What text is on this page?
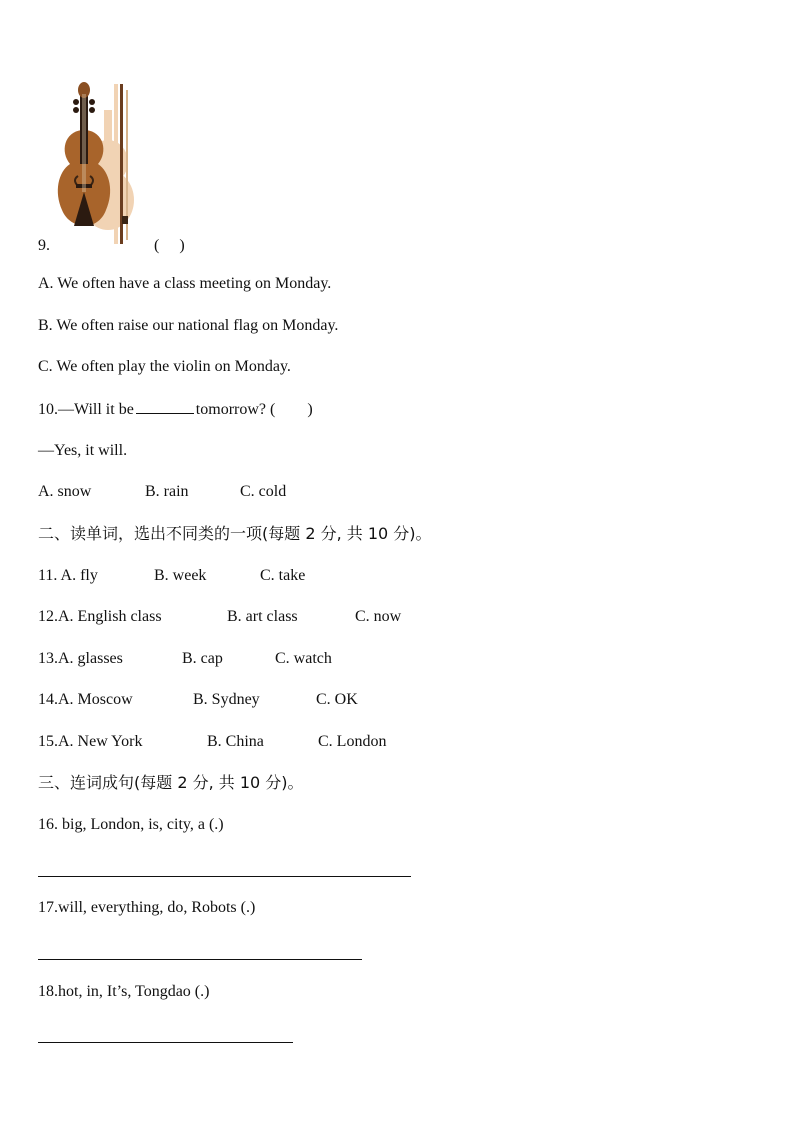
9.	(　 )
A. We often have a class meeting on Monday.
B. We often raise our national flag on Monday.
C. We often play the violin on Monday.
10.—Will it be	tomorrow? (　　)
—Yes, it will.
A. snow	B. rain	C. cold
二、读单词，选出不同类的一项(每题 2 分, 共 10 分)。
11. A. fly	B. week	C. take
12.A. English class	B. art class	C. now
13.A. glasses	B. cap	C. watch
14.A. Moscow	B. Sydney	C. OK
15.A. New York	B. China	C. London
三、连词成句(每题 2 分, 共 10 分)。
16. big, London, is, city, a (.)
17.will, everything, do, Robots (.)
18.hot, in, It’s, Tongdao (.)
